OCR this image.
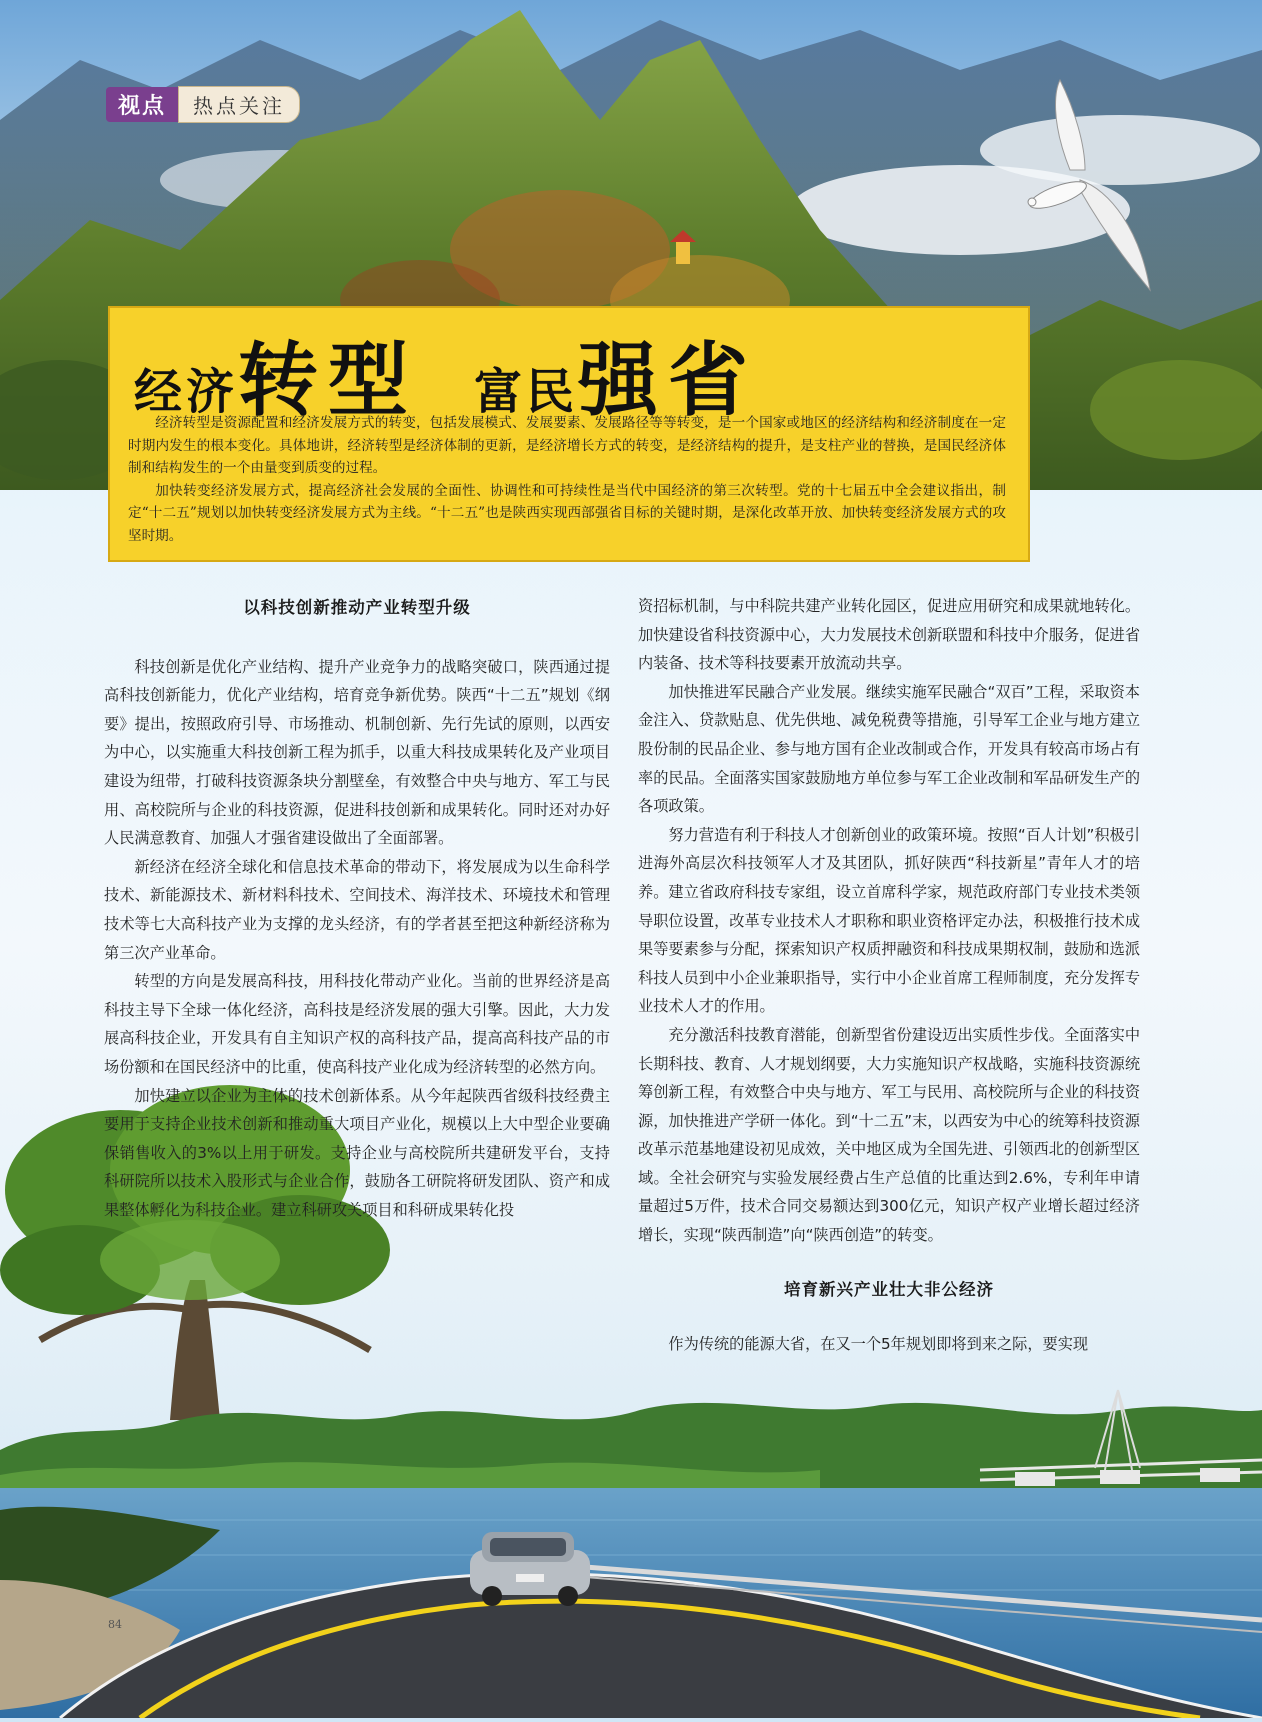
视点	热点关注
经济 转型 富民 强省

经济转型是资源配置和经济发展方式的转变，包括发展模式、发展要素、发展路径等等转变，是一个国家或地区的经济结构和经济制度在一定时期内发生的根本变化。具体地讲，经济转型是经济体制的更新，是经济增长方式的转变，是经济结构的提升，是支柱产业的替换，是国民经济体制和结构发生的一个由量变到质变的过程。

加快转变经济发展方式，提高经济社会发展的全面性、协调性和可持续性是当代中国经济的第三次转型。党的十七届五中全会建议指出，制定“十二五”规划以加快转变经济发展方式为主线。“十二五”也是陕西实现西部强省目标的关键时期，是深化改革开放、加快转变经济发展方式的攻坚时期。

以科技创新推动产业转型升级

科技创新是优化产业结构、提升产业竞争力的战略突破口，陕西通过提高科技创新能力，优化产业结构，培育竞争新优势。陕西“十二五”规划《纲要》提出，按照政府引导、市场推动、机制创新、先行先试的原则，以西安为中心，以实施重大科技创新工程为抓手，以重大科技成果转化及产业项目建设为纽带，打破科技资源条块分割壁垒，有效整合中央与地方、军工与民用、高校院所与企业的科技资源，促进科技创新和成果转化。同时还对办好人民满意教育、加强人才强省建设做出了全面部署。

新经济在经济全球化和信息技术革命的带动下，将发展成为以生命科学技术、新能源技术、新材料科技术、空间技术、海洋技术、环境技术和管理技术等七大高科技产业为支撑的龙头经济，有的学者甚至把这种新经济称为第三次产业革命。

转型的方向是发展高科技，用科技化带动产业化。当前的世界经济是高科技主导下全球一体化经济，高科技是经济发展的强大引擎。因此，大力发展高科技企业，开发具有自主知识产权的高科技产品，提高高科技产品的市场份额和在国民经济中的比重，使高科技产业化成为经济转型的必然方向。

加快建立以企业为主体的技术创新体系。从今年起陕西省级科技经费主要用于支持企业技术创新和推动重大项目产业化，规模以上大中型企业要确保销售收入的3%以上用于研发。支持企业与高校院所共建研发平台，支持科研院所以技术入股形式与企业合作，鼓励各工研院将研发团队、资产和成果整体孵化为科技企业。建立科研攻关项目和科研成果转化投

资招标机制，与中科院共建产业转化园区，促进应用研究和成果就地转化。加快建设省科技资源中心，大力发展技术创新联盟和科技中介服务，促进省内装备、技术等科技要素开放流动共享。

加快推进军民融合产业发展。继续实施军民融合“双百”工程，采取资本金注入、贷款贴息、优先供地、减免税费等措施，引导军工企业与地方建立股份制的民品企业、参与地方国有企业改制或合作，开发具有较高市场占有率的民品。全面落实国家鼓励地方单位参与军工企业改制和军品研发生产的各项政策。

努力营造有利于科技人才创新创业的政策环境。按照“百人计划”积极引进海外高层次科技领军人才及其团队，抓好陕西“科技新星”青年人才的培养。建立省政府科技专家组，设立首席科学家，规范政府部门专业技术类领导职位设置，改革专业技术人才职称和职业资格评定办法，积极推行技术成果等要素参与分配，探索知识产权质押融资和科技成果期权制，鼓励和选派科技人员到中小企业兼职指导，实行中小企业首席工程师制度，充分发挥专业技术人才的作用。

充分激活科技教育潜能，创新型省份建设迈出实质性步伐。全面落实中长期科技、教育、人才规划纲要，大力实施知识产权战略，实施科技资源统筹创新工程，有效整合中央与地方、军工与民用、高校院所与企业的科技资源，加快推进产学研一体化。到“十二五”末，以西安为中心的统筹科技资源改革示范基地建设初见成效，关中地区成为全国先进、引领西北的创新型区域。全社会研究与实验发展经费占生产总值的比重达到2.6%，专利年申请量超过5万件，技术合同交易额达到300亿元，知识产权产业增长超过经济增长，实现“陕西制造”向“陕西创造”的转变。

培育新兴产业壮大非公经济

作为传统的能源大省，在又一个5年规划即将到来之际，要实现

84
